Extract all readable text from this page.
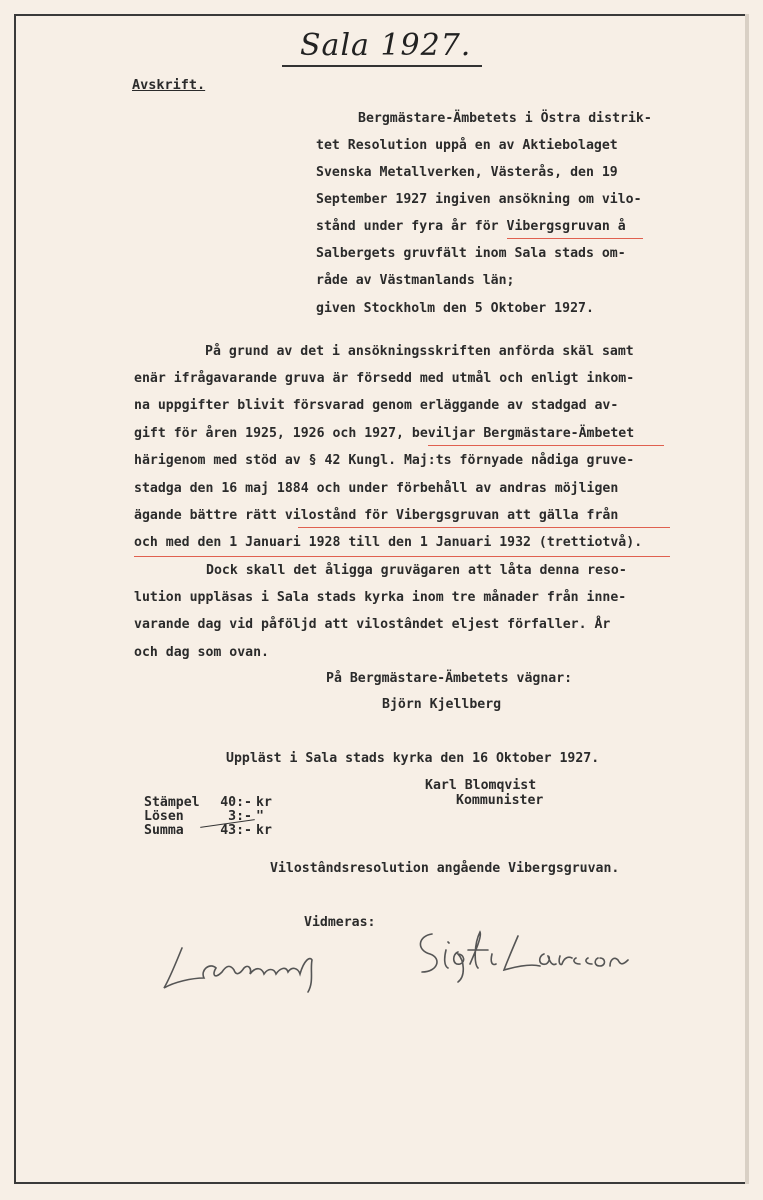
Sala 1927.
Avskrift.
Bergmästare-Ämbetets i Östra distrik-
tet Resolution uppå en av Aktiebolaget
Svenska Metallverken, Västerås, den 19
September 1927 ingiven ansökning om vilo-
stånd under fyra år för Vibergsgruvan å
Salbergets gruvfält inom Sala stads om-
råde av Västmanlands län;
given Stockholm den 5 Oktober 1927.
På grund av det i ansökningsskriften anförda skäl samt
enär ifrågavarande gruva är försedd med utmål och enligt inkom-
na uppgifter blivit försvarad genom erläggande av stadgad av-
gift för åren 1925, 1926 och 1927, beviljar Bergmästare-Ämbetet
härigenom med stöd av § 42 Kungl. Maj:ts förnyade nådiga gruve-
stadga den 16 maj 1884 och under förbehåll av andras möjligen
ägande bättre rätt vilostånd för Vibergsgruvan att gälla från
och med den 1 Januari 1928 till den 1 Januari 1932 (trettiotvå).
Dock skall det åligga gruvägaren att låta denna reso-
lution uppläsas i Sala stads kyrka inom tre månader från inne-
varande dag vid påföljd att vilostândet eljest förfaller. År
och dag som ovan.
På Bergmästare-Ämbetets vägnar:
Björn Kjellberg
Uppläst i Sala stads kyrka den 16 Oktober 1927.
Karl Blomqvist
Kommunister
Stämpel	40:- kr
Lösen	3:- "
Summa	43:- kr
Vilostândsresolution angående Vibergsgruvan.
Vidmeras:
